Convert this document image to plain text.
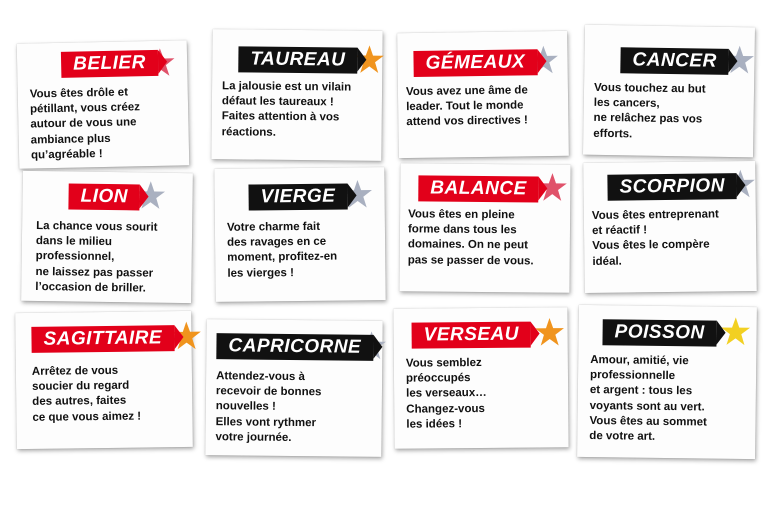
BELIER
Vous êtes drôle et
pétillant, vous créez
autour de vous une
ambiance plus
qu’agréable !
TAUREAU
La jalousie est un vilain
défaut les taureaux !
Faites attention à vos
réactions.
GÉMEAUX
Vous avez une âme de
leader. Tout le monde
attend vos directives !
CANCER
Vous touchez au but
les cancers,
ne relâchez pas vos
efforts.
LION
La chance vous sourit
dans le milieu
professionnel,
ne laissez pas passer
l’occasion de briller.
VIERGE
Votre charme fait
des ravages en ce
moment, profitez-en
les vierges !
BALANCE
Vous êtes en pleine
forme dans tous les
domaines. On ne peut
pas se passer de vous.
SCORPION
Vous êtes entreprenant
et réactif !
Vous êtes le compère
idéal.
SAGITTAIRE
Arrêtez de vous
soucier du regard
des autres, faites
ce que vous aimez !
CAPRICORNE
Attendez-vous à
recevoir de bonnes
nouvelles !
Elles vont rythmer
votre journée.
VERSEAU
Vous semblez
préoccupés
les verseaux…
Changez-vous
les idées !
POISSON
Amour, amitié, vie
professionnelle
et argent : tous les
voyants sont au vert.
Vous êtes au sommet
de votre art.
